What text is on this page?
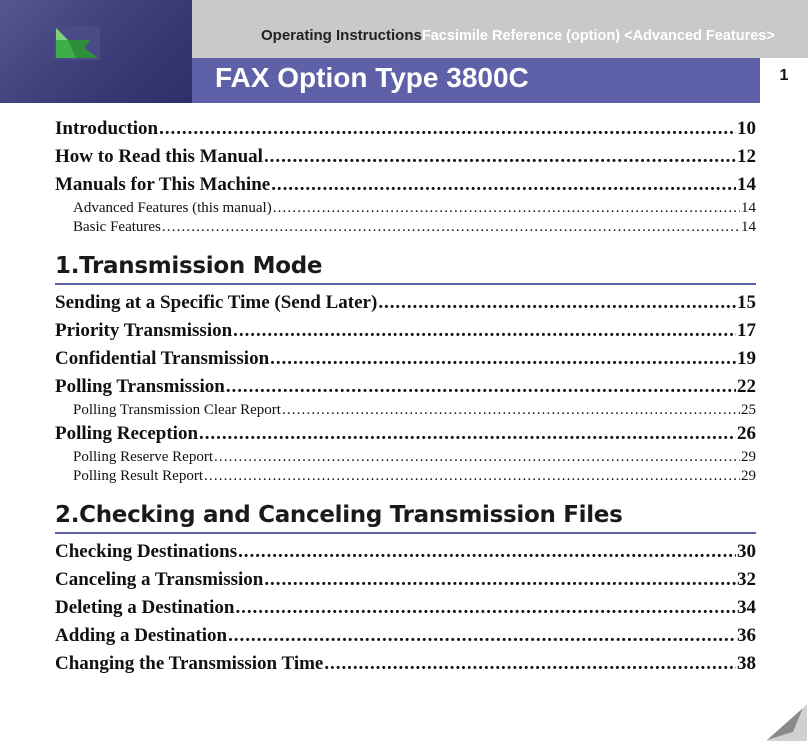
Operating InstructionsFacsimile Reference (option) <Advanced Features>
FAX Option Type 3800C	1
Introduction . . .	10
How to Read this Manual . . .	12
Manuals for This Machine . . .	14
Advanced Features (this manual) . . .	14
Basic Features . . .	14
1.Transmission Mode
Sending at a Specific Time (Send Later) . . .	15
Priority Transmission . . .	17
Confidential Transmission . . .	19
Polling Transmission . . .	22
Polling Transmission Clear Report . . .	25
Polling Reception . . .	26
Polling Reserve Report . . .	29
Polling Result Report . . .	29
2.Checking and Canceling Transmission Files
Checking Destinations . . .	30
Canceling a Transmission . . .	32
Deleting a Destination . . .	34
Adding a Destination . . .	36
Changing the Transmission Time . . .	38
